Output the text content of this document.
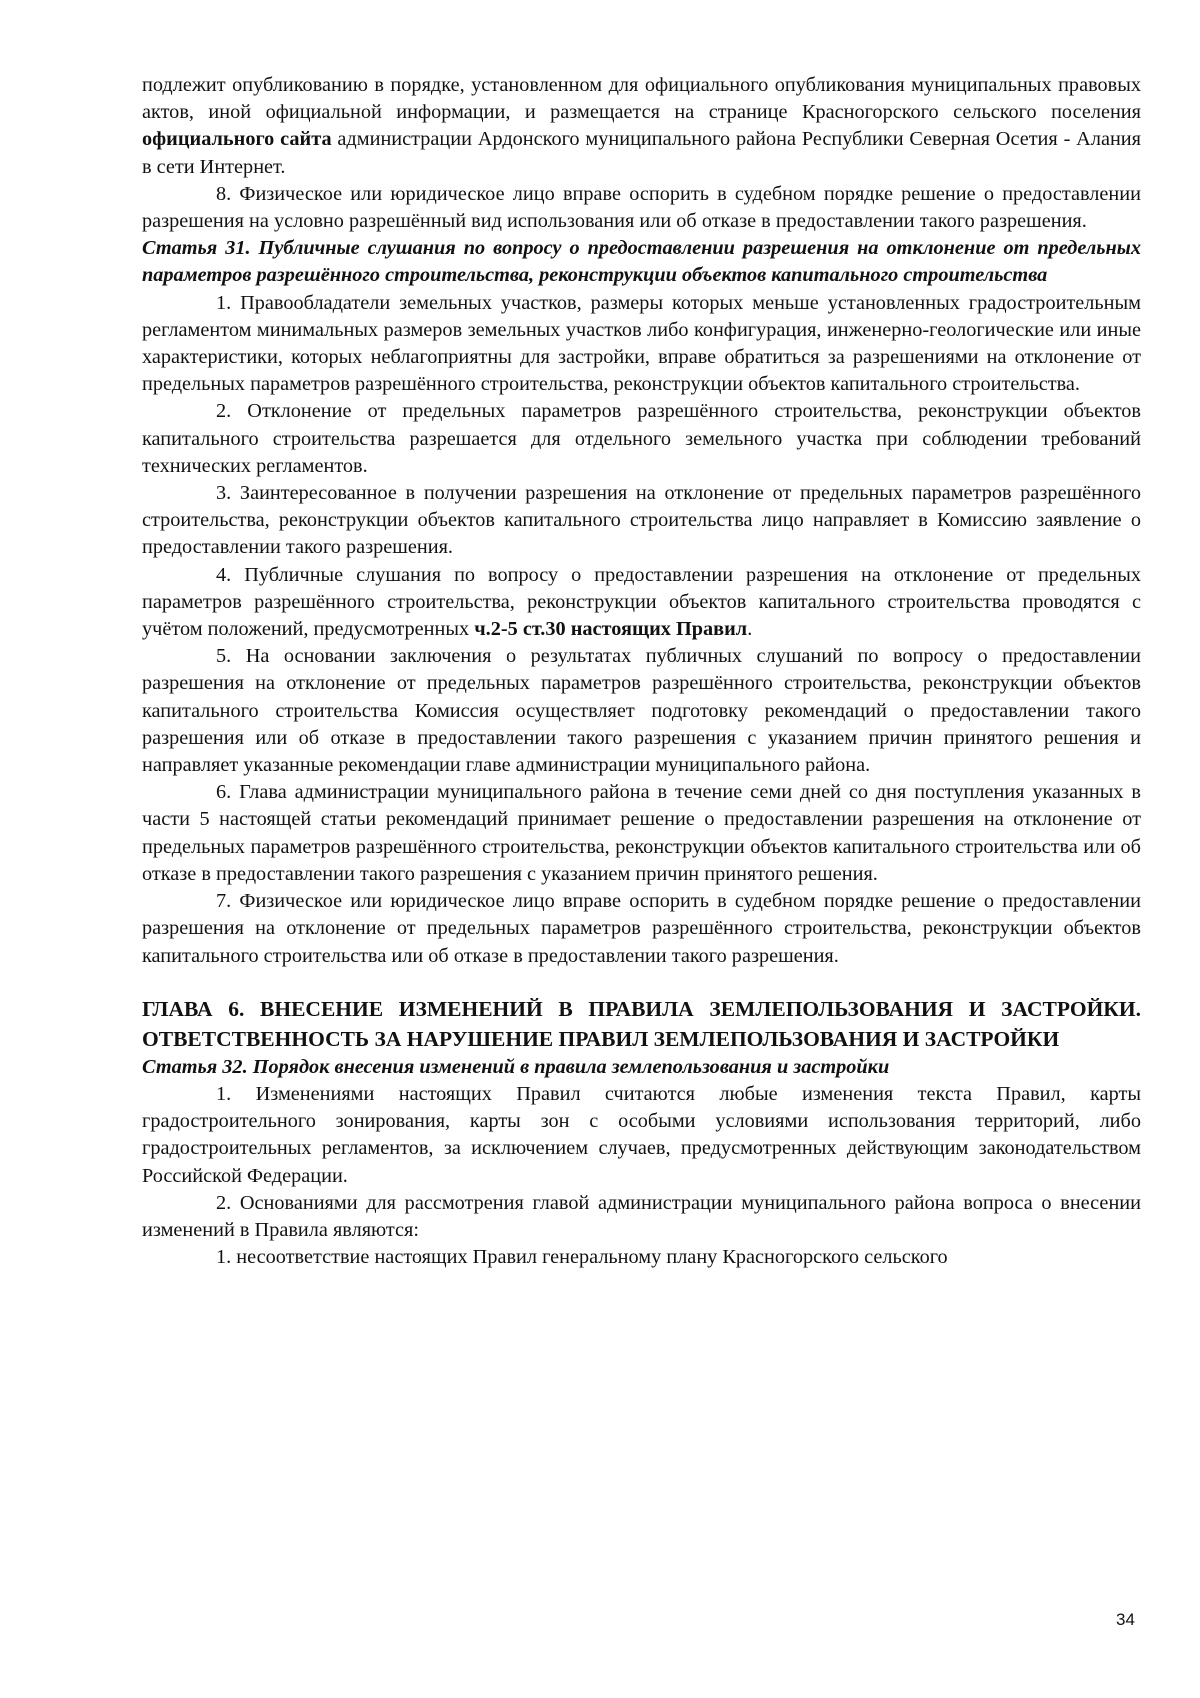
подлежит опубликованию в порядке, установленном для официального опубликования муниципальных правовых актов, иной официальной информации, и размещается на странице Красногорского сельского поселения официального сайта администрации Ардонского муниципального района Республики Северная Осетия - Алания в сети Интернет.

8. Физическое или юридическое лицо вправе оспорить в судебном порядке решение о предоставлении разрешения на условно разрешённый вид использования или об отказе в предоставлении такого разрешения.

Статья 31. Публичные слушания по вопросу о предоставлении разрешения на отклонение от предельных параметров разрешённого строительства, реконструкции объектов капитального строительства

1. Правообладатели земельных участков, размеры которых меньше установленных градостроительным регламентом минимальных размеров земельных участков либо конфигурация, инженерно-геологические или иные характеристики, которых неблагоприятны для застройки, вправе обратиться за разрешениями на отклонение от предельных параметров разрешённого строительства, реконструкции объектов капитального строительства.

2. Отклонение от предельных параметров разрешённого строительства, реконструкции объектов капитального строительства разрешается для отдельного земельного участка при соблюдении требований технических регламентов.

3. Заинтересованное в получении разрешения на отклонение от предельных параметров разрешённого строительства, реконструкции объектов капитального строительства лицо направляет в Комиссию заявление о предоставлении такого разрешения.

4. Публичные слушания по вопросу о предоставлении разрешения на отклонение от предельных параметров разрешённого строительства, реконструкции объектов капитального строительства проводятся с учётом положений, предусмотренных ч.2-5 ст.30 настоящих Правил.

5. На основании заключения о результатах публичных слушаний по вопросу о предоставлении разрешения на отклонение от предельных параметров разрешённого строительства, реконструкции объектов капитального строительства Комиссия осуществляет подготовку рекомендаций о предоставлении такого разрешения или об отказе в предоставлении такого разрешения с указанием причин принятого решения и направляет указанные рекомендации главе администрации муниципального района.

6. Глава администрации муниципального района в течение семи дней со дня поступления указанных в части 5 настоящей статьи рекомендаций принимает решение о предоставлении разрешения на отклонение от предельных параметров разрешённого строительства, реконструкции объектов капитального строительства или об отказе в предоставлении такого разрешения с указанием причин принятого решения.

7. Физическое или юридическое лицо вправе оспорить в судебном порядке решение о предоставлении разрешения на отклонение от предельных параметров разрешённого строительства, реконструкции объектов капитального строительства или об отказе в предоставлении такого разрешения.

ГЛАВА 6. ВНЕСЕНИЕ ИЗМЕНЕНИЙ В ПРАВИЛА ЗЕМЛЕПОЛЬЗОВАНИЯ И ЗАСТРОЙКИ. ОТВЕТСТВЕННОСТЬ ЗА НАРУШЕНИЕ ПРАВИЛ ЗЕМЛЕПОЛЬЗОВАНИЯ И ЗАСТРОЙКИ

Статья 32. Порядок внесения изменений в правила землепользования и застройки

1. Изменениями настоящих Правил считаются любые изменения текста Правил, карты градостроительного зонирования, карты зон с особыми условиями использования территорий, либо градостроительных регламентов, за исключением случаев, предусмотренных действующим законодательством Российской Федерации.

2. Основаниями для рассмотрения главой администрации муниципального района вопроса о внесении изменений в Правила являются:

1. несоответствие настоящих Правил генеральному плану Красногорского сельского

34
